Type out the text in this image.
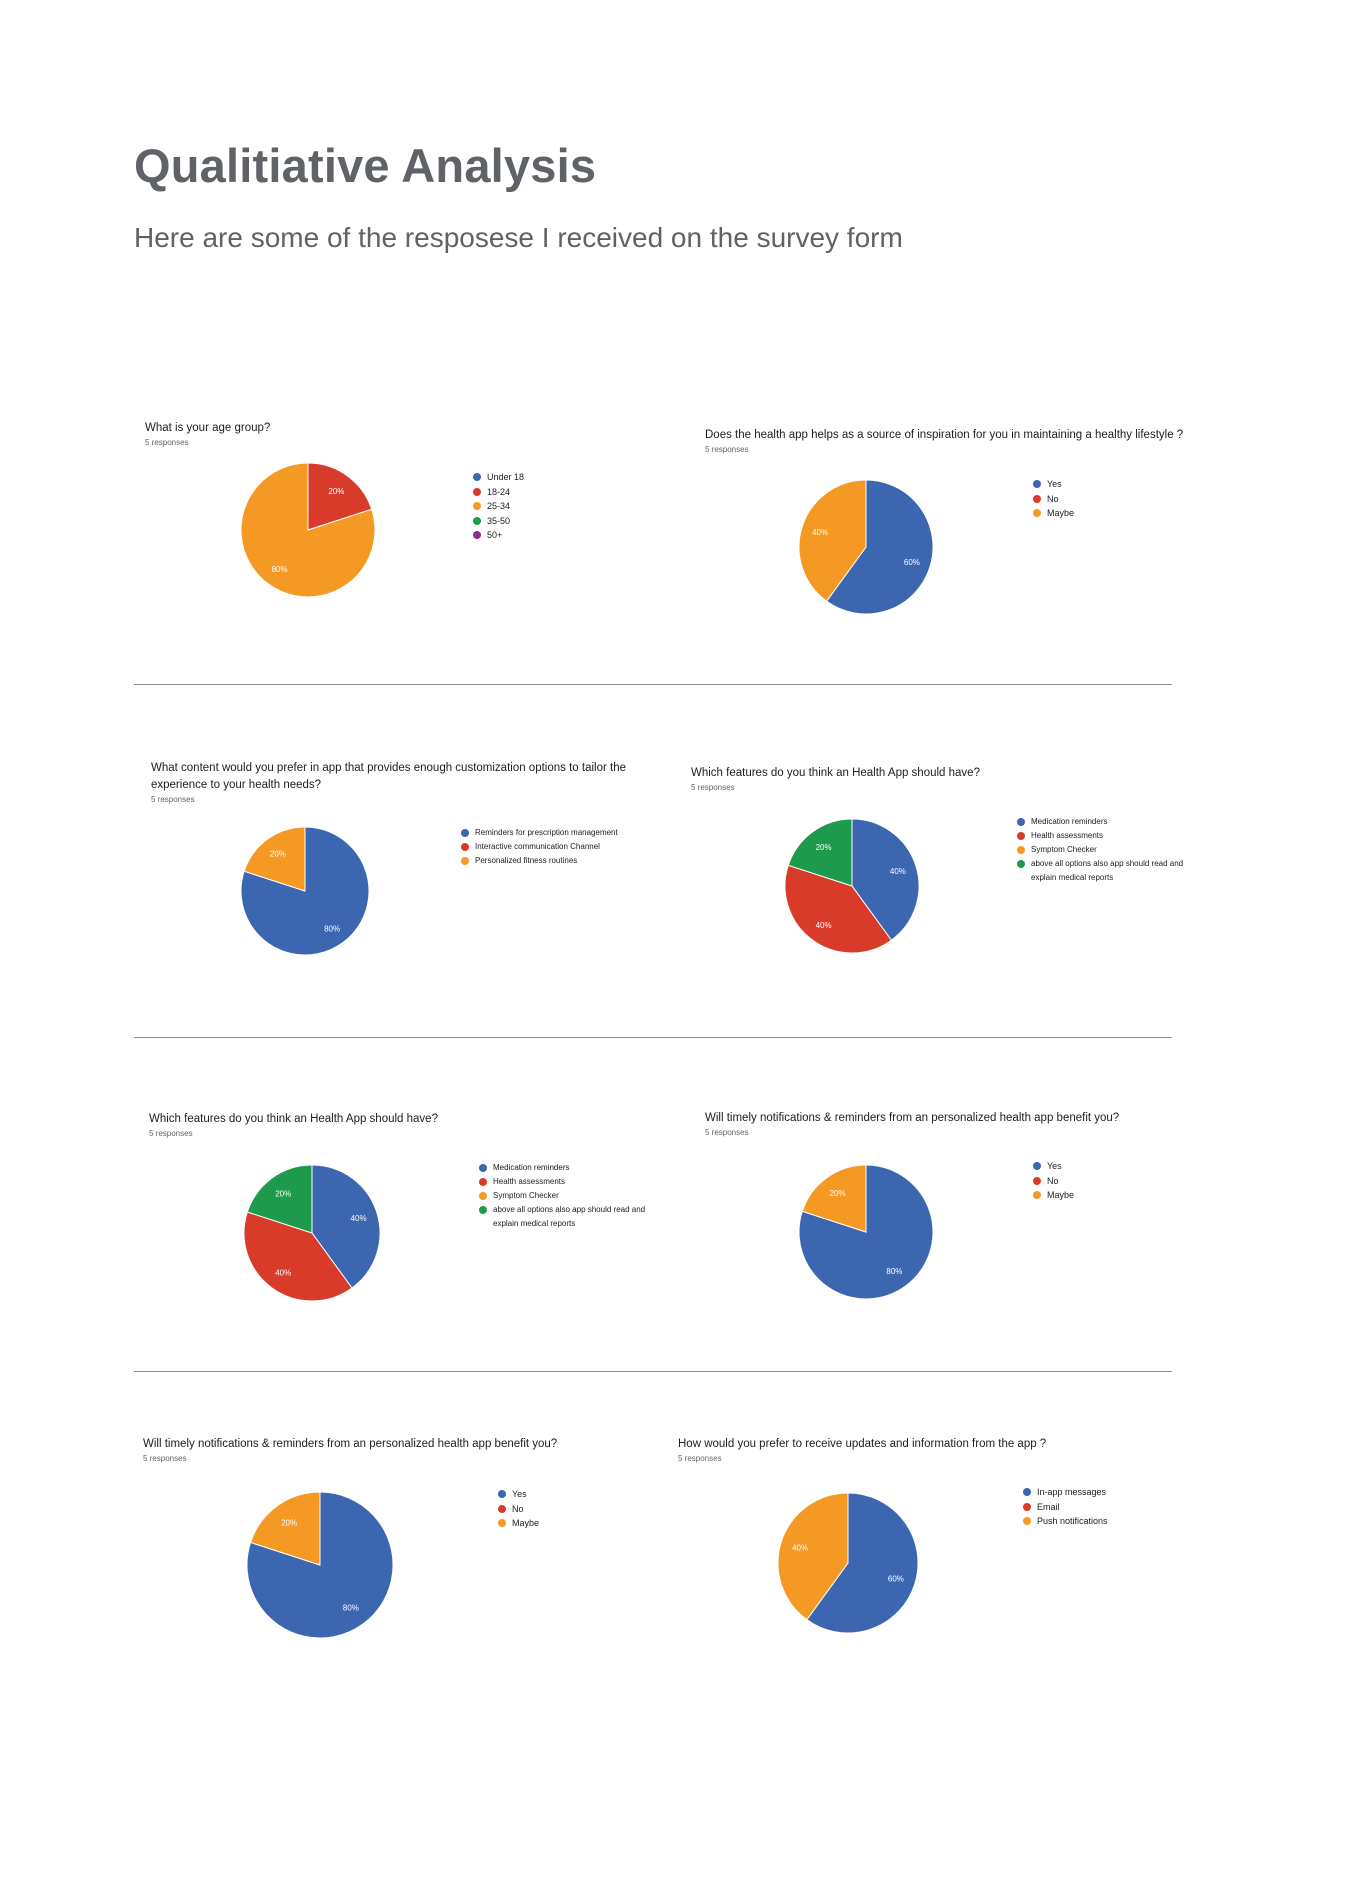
Qualitiative Analysis

Here are some of the resposese I received on the survey form

What is your age group?
5 responses
20%
80%
Under 18
18-24
25-34
35-50
50+
Does the health app helps as a source of inspiration for you in maintaining a healthy lifestyle ?
5 responses
60%
40%
Yes
No
Maybe
What content would you prefer in app that provides enough customization options to tailor the experience to your health needs?
5 responses
80%
20%
Reminders for prescription management
Interactive communication Channel
Personalized fitness routines
Which features do you think an Health App should have?
5 responses
40%
40%
20%
Medication reminders
Health assessments
Symptom Checker
above all options also app should read and explain medical reports
Which features do you think an Health App should have?
5 responses
40%
40%
20%
Medication reminders
Health assessments
Symptom Checker
above all options also app should read and explain medical reports
Will timely notifications & reminders from an personalized health app benefit you?
5 responses
80%
20%
Yes
No
Maybe
Will timely notifications & reminders from an personalized health app benefit you?
5 responses
80%
20%
Yes
No
Maybe
How would you prefer to receive updates and information from the app ?
5 responses
60%
40%
In-app messages
Email
Push notifications
